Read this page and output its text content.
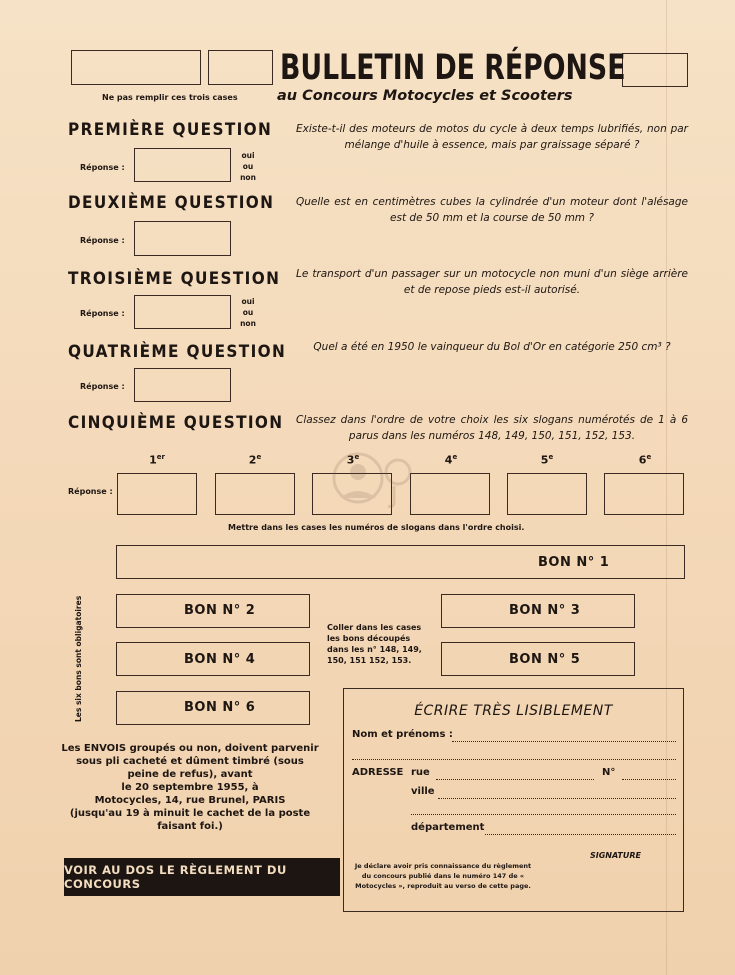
BULLETIN DE RÉPONSE
au Concours Motocycles et Scooters
Ne pas remplir ces trois cases
PREMIÈRE QUESTION Existe-t-il des moteurs de motos du cycle à deux temps lubrifiés, non par mélange d'huile à essence, mais par graissage séparé ?
Réponse :
oui
ou
non
DEUXIÈME QUESTION Quelle est en centimètres cubes la cylindrée d'un moteur dont l'alésage est de 50 mm et la course de 50 mm ?
Réponse :
TROISIÈME QUESTION Le transport d'un passager sur un motocycle non muni d'un siège arrière et de repose pieds est-il autorisé.
Réponse :
oui
ou
non
QUATRIÈME QUESTION	Quel a été en 1950 le vainqueur du Bol d'Or en catégorie 250 cm³ ?
Réponse :
CINQUIÈME QUESTION Classez dans l'ordre de votre choix les six slogans numérotés de 1 à 6 parus dans les numéros 148, 149, 150, 151, 152, 153.
1er	2e	3e	4e	5e	6e
Réponse :
Mettre dans les cases les numéros de slogans dans l'ordre choisi.
BON N° 1
BON N° 2	BON N° 3
BON N° 4	BON N° 5
BON N° 6
Les six bons sont obligatoires	Coller dans les cases les bons découpés dans les n° 148, 149, 150, 151 152, 153.
Les ENVOIS groupés ou non, doivent parvenir sous pli cacheté et dûment timbré (sous peine de refus), avant
le 20 septembre 1955, à
Motocycles, 14, rue Brunel, PARIS
(jusqu'au 19 à minuit le cachet de la poste faisant foi.)
VOIR AU DOS LE RÈGLEMENT DU CONCOURS
ÉCRIRE TRÈS LISIBLEMENT
Nom et prénoms :
ADRESSE rue	N°
ville
département
SIGNATURE
Je déclare avoir pris connaissance du règlement du concours publié dans le numéro 147 de « Motocycles », reproduit au verso de cette page.
